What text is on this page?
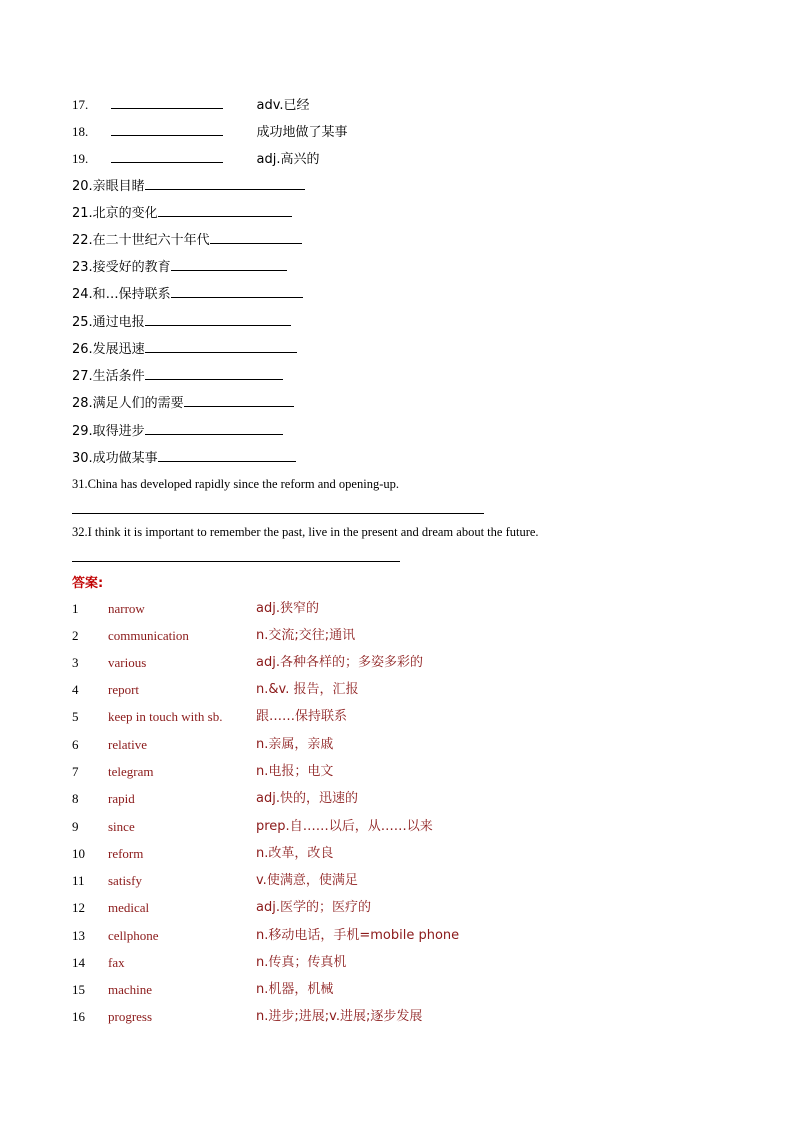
17.	adv.已经
18.	成功地做了某事
19.	adj.高兴的
20.亲眼目睹
21.北京的变化
22.在二十世纪六十年代
23.接受好的教育
24.和…保持联系
25.通过电报
26.发展迅速
27.生活条件
28.满足人们的需要
29.取得进步
30.成功做某事
31.China has developed rapidly since the reform and opening-up.
32.I think it is important to remember the past, live in the present and dream about the future.
答案:
1	narrow	adj.狭窄的
2	communication	n.交流;交往;通讯
3	various	adj.各种各样的；多姿多彩的
4	report	n.&v. 报告，汇报
5	keep in touch with sb.	跟……保持联系
6	relative	n.亲属，亲戚
7	telegram	n.电报；电文
8	rapid	adj.快的，迅速的
9	since	prep.自……以后，从……以来
10	reform	n.改革，改良
11	satisfy	v.使满意，使满足
12	medical	adj.医学的；医疗的
13	cellphone	n.移动电话，手机=mobile phone
14	fax	n.传真；传真机
15	machine	n.机器，机械
16	progress	n.进步;进展;v.进展;逐步发展
